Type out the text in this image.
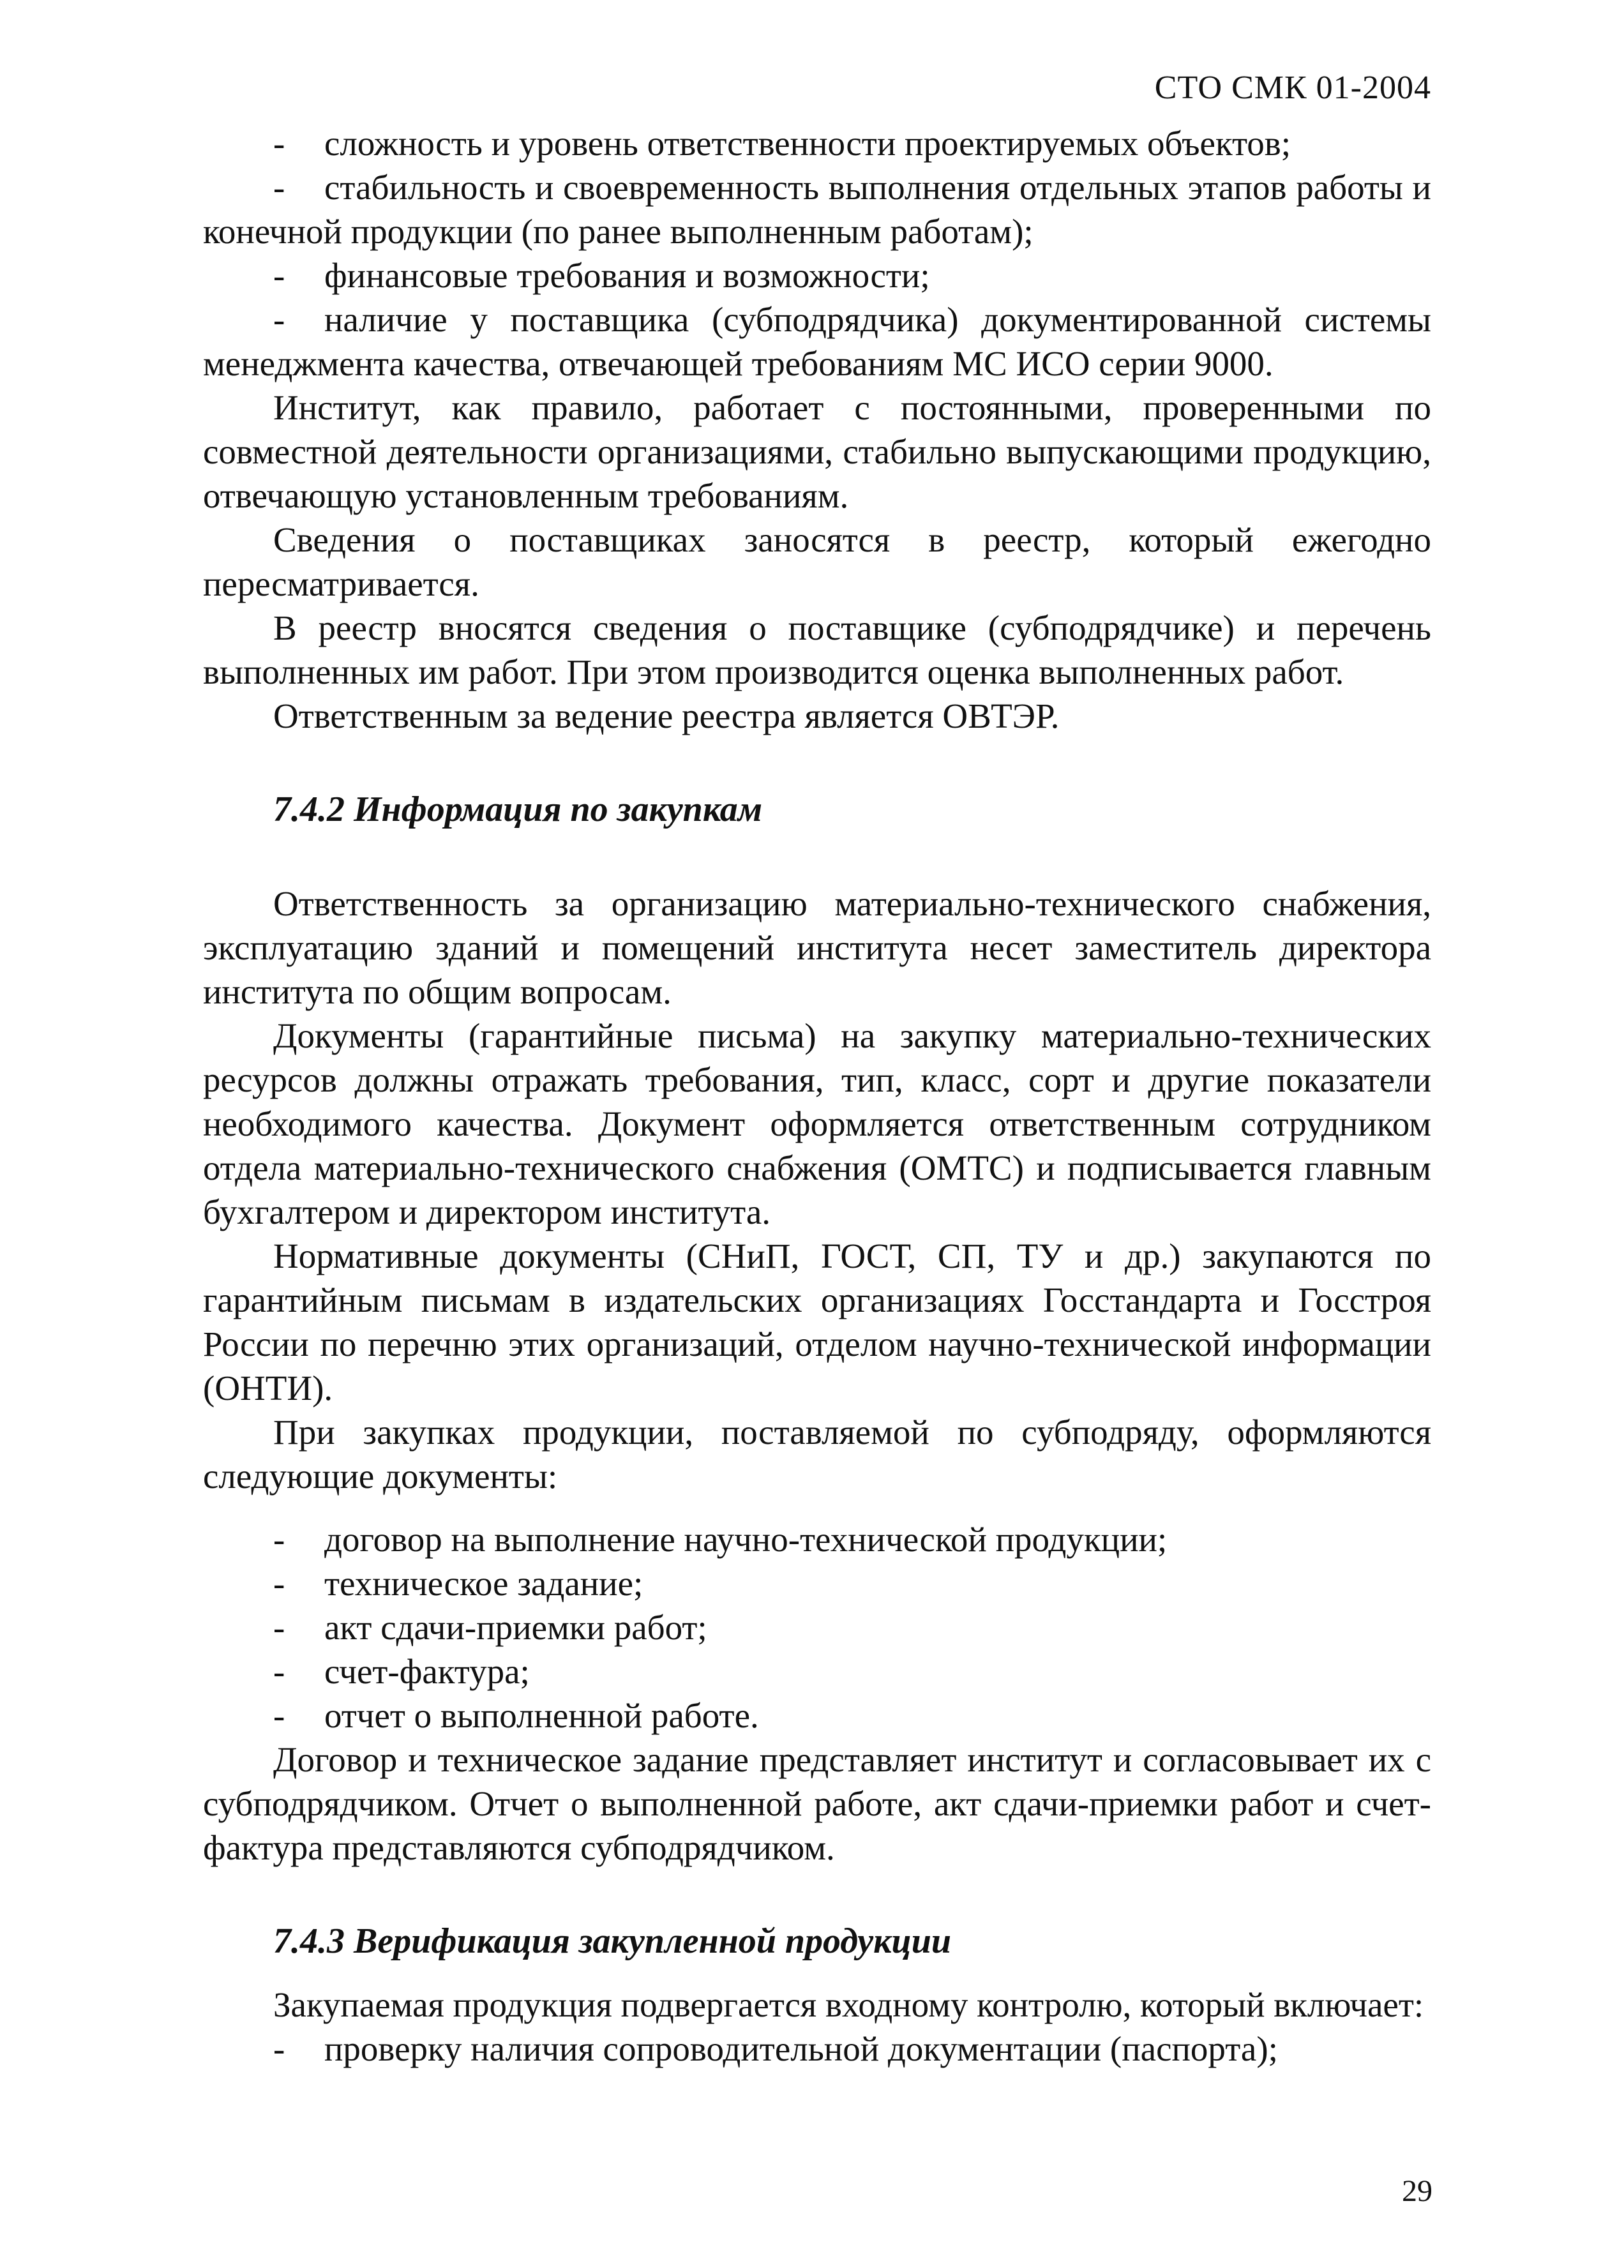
СТО СМК 01-2004

- сложность и уровень ответственности проектируемых объектов;

- стабильность и своевременность выполнения отдельных этапов работы и конечной продукции (по ранее выполненным работам);

- финансовые требования и возможности;

- наличие у поставщика (субподрядчика) документированной системы менеджмента качества, отвечающей требованиям МС ИСО серии 9000.

Институт, как правило, работает с постоянными, проверенными по совместной деятельности организациями, стабильно выпускающими продукцию, отвечающую установленным требованиям.

Сведения о поставщиках заносятся в реестр, который ежегодно пересматривается.

В реестр вносятся сведения о поставщике (субподрядчике) и перечень выполненных им работ. При этом производится оценка выполненных работ.

Ответственным за ведение реестра является ОВТЭР.

7.4.2 Информация по закупкам

Ответственность за организацию материально-технического снабжения, эксплуатацию зданий и помещений института несет заместитель директора института по общим вопросам.

Документы (гарантийные письма) на закупку материально-технических ресурсов должны отражать требования, тип, класс, сорт и другие показатели необходимого качества. Документ оформляется ответственным сотрудником отдела материально-технического снабжения (ОМТС) и подписывается главным бухгалтером и директором института.

Нормативные документы (СНиП, ГОСТ, СП, ТУ и др.) закупаются по гарантийным письмам в издательских организациях Госстандарта и Госстроя России по перечню этих организаций, отделом научно-технической информации (ОНТИ).

При закупках продукции, поставляемой по субподряду, оформляются следующие документы:

- договор на выполнение научно-технической продукции;

- техническое задание;

- акт сдачи-приемки работ;

- счет-фактура;

- отчет о выполненной работе.

Договор и техническое задание представляет институт и согласовывает их с субподрядчиком. Отчет о выполненной работе, акт сдачи-приемки работ и счет-фактура представляются субподрядчиком.

7.4.3 Верификация закупленной продукции

Закупаемая продукция подвергается входному контролю, который включает:

- проверку наличия сопроводительной документации (паспорта);

29
